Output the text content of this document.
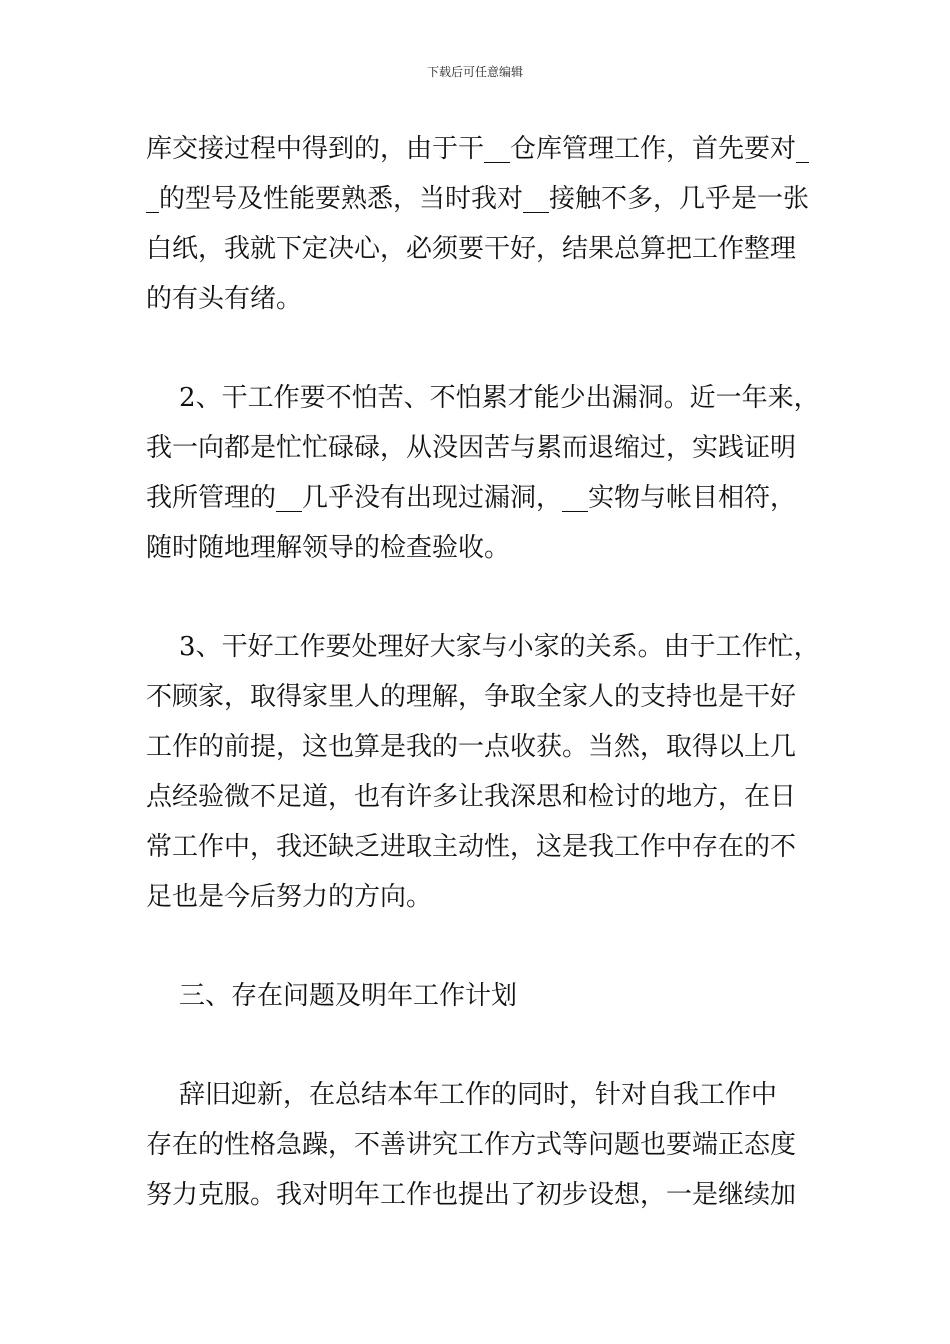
下载后可任意编辑
库交接过程中得到的，由于干__仓库管理工作，首先要对_
_的型号及性能要熟悉，当时我对__接触不多，几乎是一张
白纸，我就下定决心，必须要干好，结果总算把工作整理
的有头有绪。
2、干工作要不怕苦、不怕累才能少出漏洞。近一年来，
我一向都是忙忙碌碌，从没因苦与累而退缩过，实践证明
我所管理的__几乎没有出现过漏洞，__实物与帐目相符，
随时随地理解领导的检查验收。
3、干好工作要处理好大家与小家的关系。由于工作忙，
不顾家，取得家里人的理解，争取全家人的支持也是干好
工作的前提，这也算是我的一点收获。当然，取得以上几
点经验微不足道，也有许多让我深思和检讨的地方，在日
常工作中，我还缺乏进取主动性，这是我工作中存在的不
足也是今后努力的方向。
三、存在问题及明年工作计划
辞旧迎新，在总结本年工作的同时，针对自我工作中
存在的性格急躁，不善讲究工作方式等问题也要端正态度
努力克服。我对明年工作也提出了初步设想，一是继续加
